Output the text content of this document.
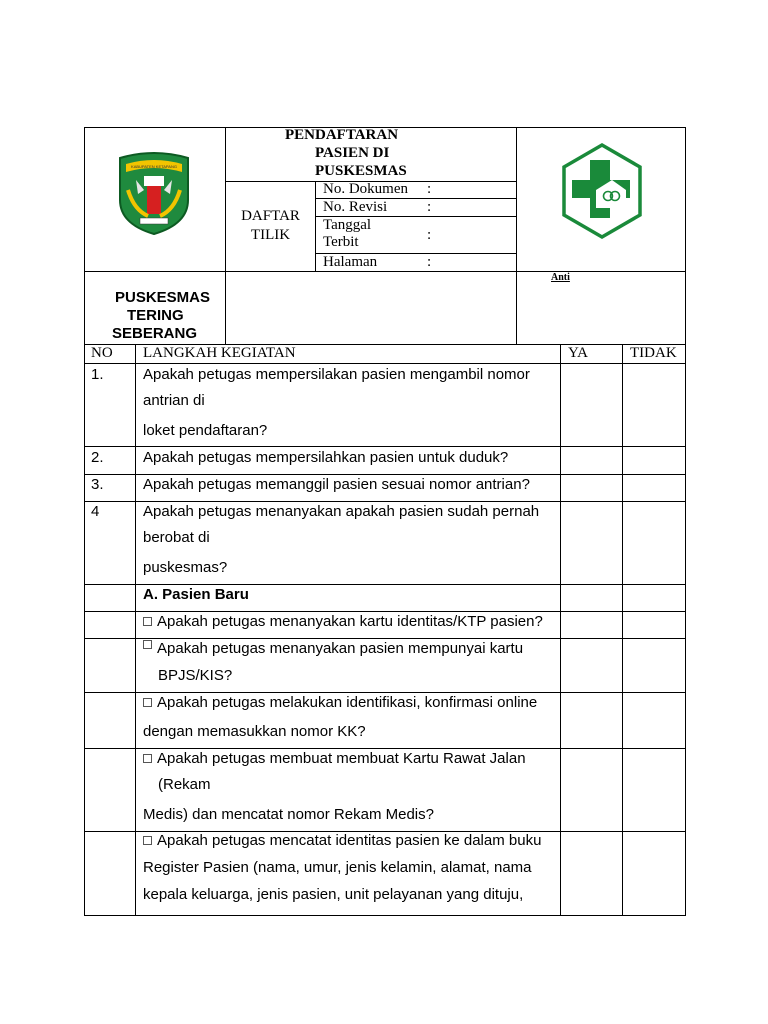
KABUPATEN KETAPANG
PENDAFTARAN
PASIEN DI
PUSKESMAS
DAFTAR
TILIK
No. Dokumen :
No. Revisi	:
Tanggal
Terbit	:
Halaman	:
PUSKESMAS
TERING
SEBERANG
Anti
NO LANGKAH KEGIATAN	YA	TIDAK
1.	Apakah petugas mempersilakan pasien mengambil nomor
antrian di
loket pendaftaran?
2.	Apakah petugas mempersilahkan pasien untuk duduk?
3.	Apakah petugas memanggil pasien sesuai nomor antrian?
4	Apakah petugas menanyakan apakah pasien sudah pernah
berobat di
puskesmas?
A. Pasien Baru
Apakah petugas menanyakan kartu identitas/KTP pasien?
Apakah petugas menanyakan pasien mempunyai kartu
BPJS/KIS?
Apakah petugas melakukan identifikasi, konfirmasi online
dengan memasukkan nomor KK?
Apakah petugas membuat membuat Kartu Rawat Jalan
(Rekam
Medis) dan mencatat nomor Rekam Medis?
Apakah petugas mencatat identitas pasien ke dalam buku
Register Pasien (nama, umur, jenis kelamin, alamat, nama
kepala keluarga, jenis pasien, unit pelayanan yang dituju,
